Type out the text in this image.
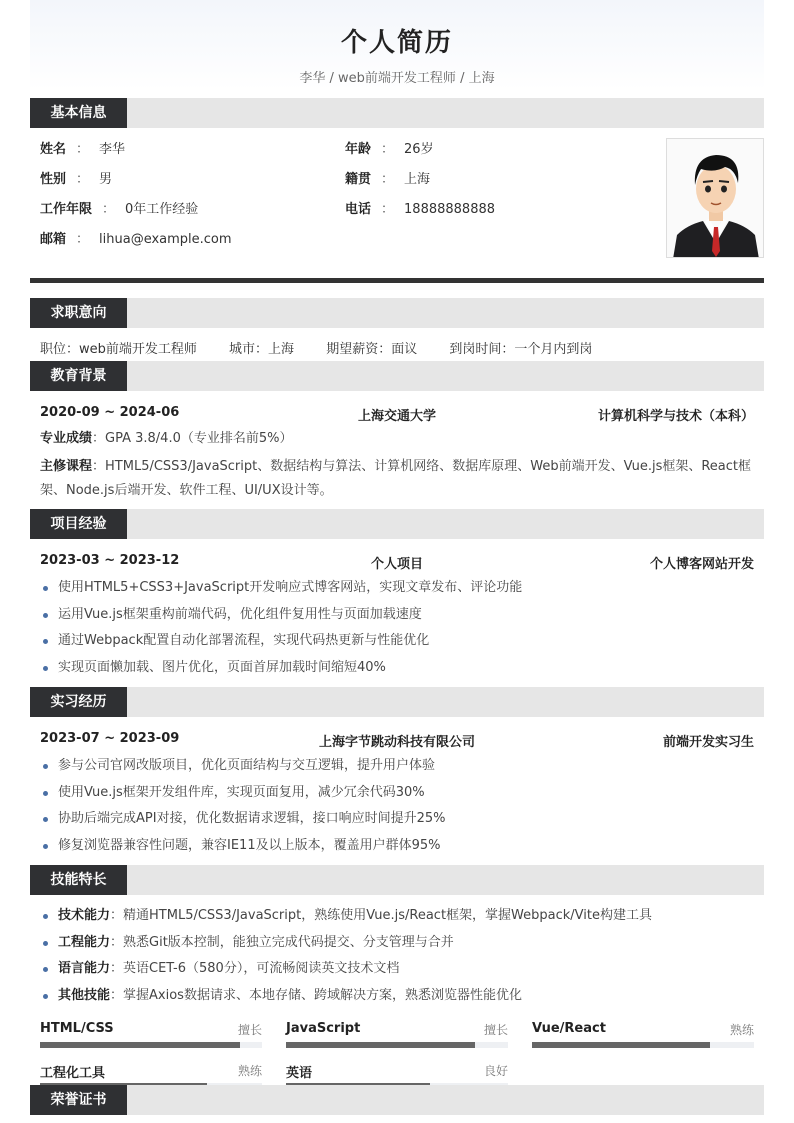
个人简历
李华 / web前端开发工程师 / 上海
基本信息
姓名 ： 李华	年龄 ： 26岁
性别 ： 男	籍贯 ： 上海
工作年限 ： 0年工作经验	电话 ： 18888888888
邮箱 ： lihua@example.com
求职意向
职位：web前端开发工程师 城市：上海 期望薪资：面议 到岗时间：一个月内到岗
教育背景
2020-09 ~ 2024-06	上海交通大学	计算机科学与技术（本科）
专业成绩：GPA 3.8/4.0（专业排名前5%）
主修课程：HTML5/CSS3/JavaScript、数据结构与算法、计算机网络、数据库原理、Web前端开发、Vue.js框架、React框架、Node.js后端开发、软件工程、UI/UX设计等。
项目经验
2023-03 ~ 2023-12	个人项目	个人博客网站开发
使用HTML5+CSS3+JavaScript开发响应式博客网站，实现文章发布、评论功能
运用Vue.js框架重构前端代码，优化组件复用性与页面加载速度
通过Webpack配置自动化部署流程，实现代码热更新与性能优化
实现页面懒加载、图片优化，页面首屏加载时间缩短40%
实习经历
2023-07 ~ 2023-09	上海字节跳动科技有限公司	前端开发实习生
参与公司官网改版项目，优化页面结构与交互逻辑，提升用户体验
使用Vue.js框架开发组件库，实现页面复用，减少冗余代码30%
协助后端完成API对接，优化数据请求逻辑，接口响应时间提升25%
修复浏览器兼容性问题，兼容IE11及以上版本，覆盖用户群体95%
技能特长
技术能力：精通HTML5/CSS3/JavaScript，熟练使用Vue.js/React框架，掌握Webpack/Vite构建工具
工程能力：熟悉Git版本控制，能独立完成代码提交、分支管理与合并
语言能力：英语CET-6（580分），可流畅阅读英文技术文档
其他技能：掌握Axios数据请求、本地存储、跨域解决方案，熟悉浏览器性能优化
HTML/CSS	擅长 JavaScript	擅长 Vue/React	熟练
工程化工具	熟练 英语	良好
荣誉证书
